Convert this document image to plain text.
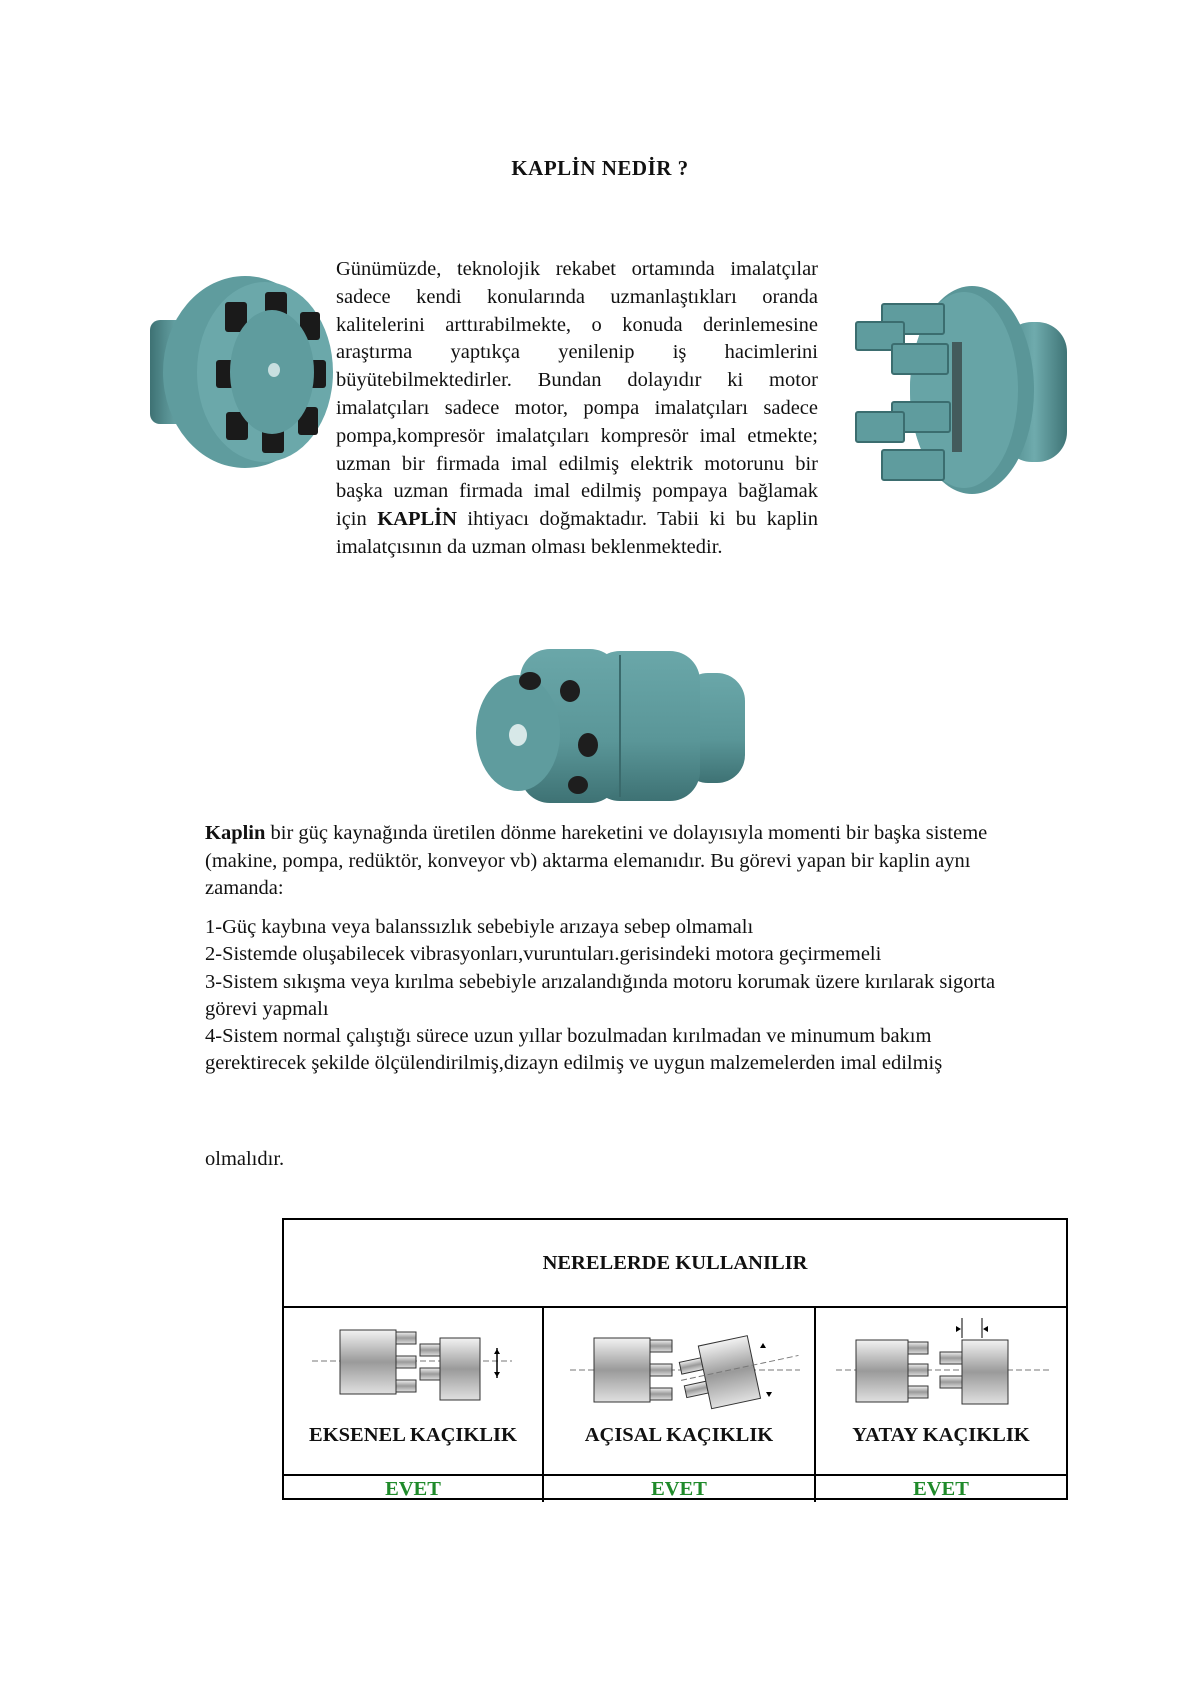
KAPLİN NEDİR ?
Günümüzde, teknolojik rekabet ortamında imalatçılar sadece kendi konularında uzmanlaştıkları oranda kalitelerini arttırabilmekte, o konuda derinlemesine araştırma yaptıkça yenilenip iş hacimlerini büyütebilmektedirler. Bundan dolayıdır ki motor imalatçıları sadece motor, pompa imalatçıları sadece pompa,kompresör imalatçıları kompresör imal etmekte; uzman bir firmada imal edilmiş elektrik motorunu bir başka uzman firmada imal edilmiş pompaya bağlamak için KAPLİN ihtiyacı doğmaktadır. Tabii ki bu kaplin imalatçısının da uzman olması beklenmektedir.
Kaplin bir güç kaynağında üretilen dönme hareketini ve dolayısıyla momenti bir başka sisteme (makine, pompa, redüktör, konveyor vb) aktarma elemanıdır. Bu görevi yapan bir kaplin aynı zamanda:
1-Güç kaybına veya balanssızlık sebebiyle arızaya sebep olmamalı
2-Sistemde oluşabilecek vibrasyonları,vuruntuları.gerisindeki motora geçirmemeli
3-Sistem sıkışma veya kırılma sebebiyle arızalandığında motoru korumak üzere kırılarak sigorta görevi yapmalı
4-Sistem normal çalıştığı sürece uzun yıllar bozulmadan kırılmadan ve minumum bakım gerektirecek şekilde ölçülendirilmiş,dizayn edilmiş ve uygun malzemelerden imal edilmiş
olmalıdır.
NERELERDE KULLANILIR
EKSENEL KAÇIKLIK	AÇISAL KAÇIKLIK	YATAY KAÇIKLIK
EVET	EVET	EVET
